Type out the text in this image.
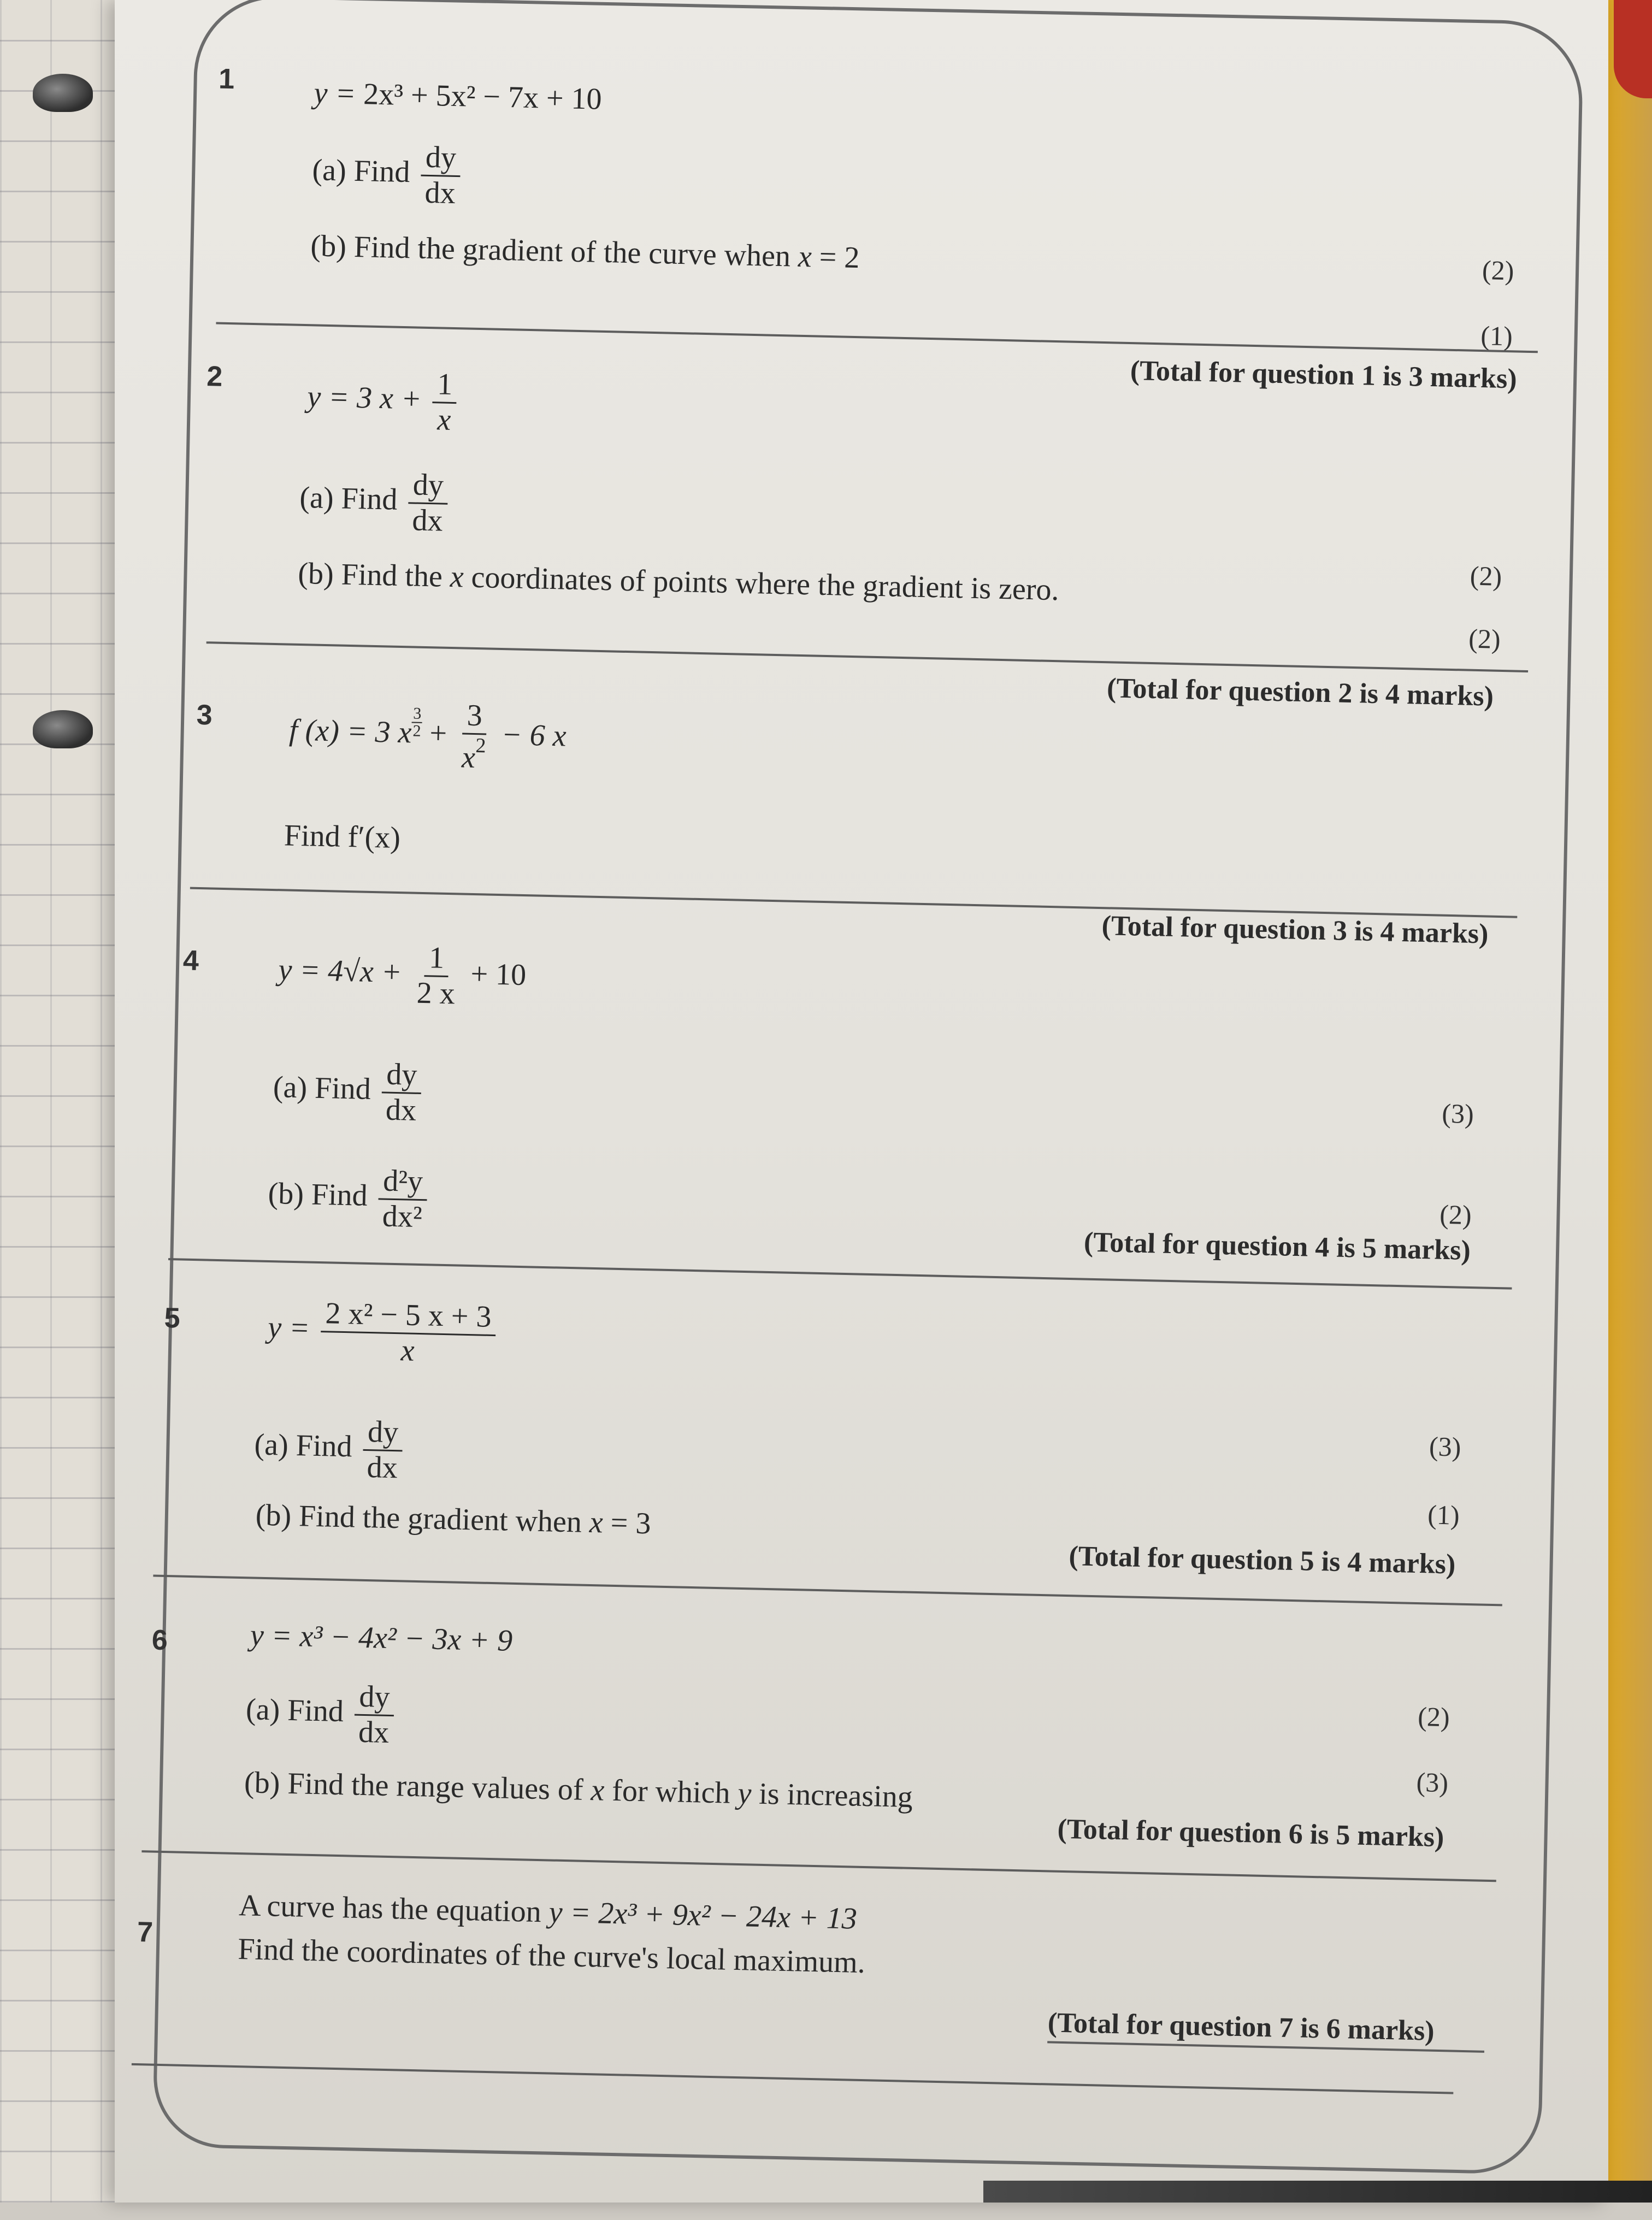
1	y = 2x³ + 5x² − 7x + 10
(a) Find $\frac{dy}{dx}$
(b) Find the gradient of the curve when x = 2	(2)
(1)
(Total for question 1 is 3 marks)
2
y = 3 $x + \frac{1}{x}$
(a) Find $\frac{dy}{dx}$
(b) Find the x coordinates of points where the gradient is zero.	(2)
(2)
(Total for question 2 is 4 marks)
3 f (x) = 3 x $\frac{3}{2} + \frac{3}{x^2} - 6$ x
Find f′(x)
(Total for question 3 is 4 marks)
4	$y = 4√x + \frac{1}{2 x} + 10$
(a) Find $\frac{dy}{dx}$
(b) Find $\frac{\text{d²y}}{\text{dx²}}$
(3)
(2)
(Total for question 4 is 5 marks)
5	$y = \frac{\text{2 x² − 5 x + 3}}{x}$
(a) Find $\frac{dy}{dx}$
(b) Find the gradient when x = 3
(3)
(1)
(Total for question 5 is 4 marks)
6	y = x³ − 4x² − 3x + 9
(a) Find $\frac{dy}{dx}$
(b) Find the range values of x for which y is increasing
(2)
(3)
(Total for question 6 is 5 marks)
7
A curve has the equation y = 2x³ + 9x² − 24x + 13
Find the coordinates of the curve's local maximum.
(Total for question 7 is 6 marks)
